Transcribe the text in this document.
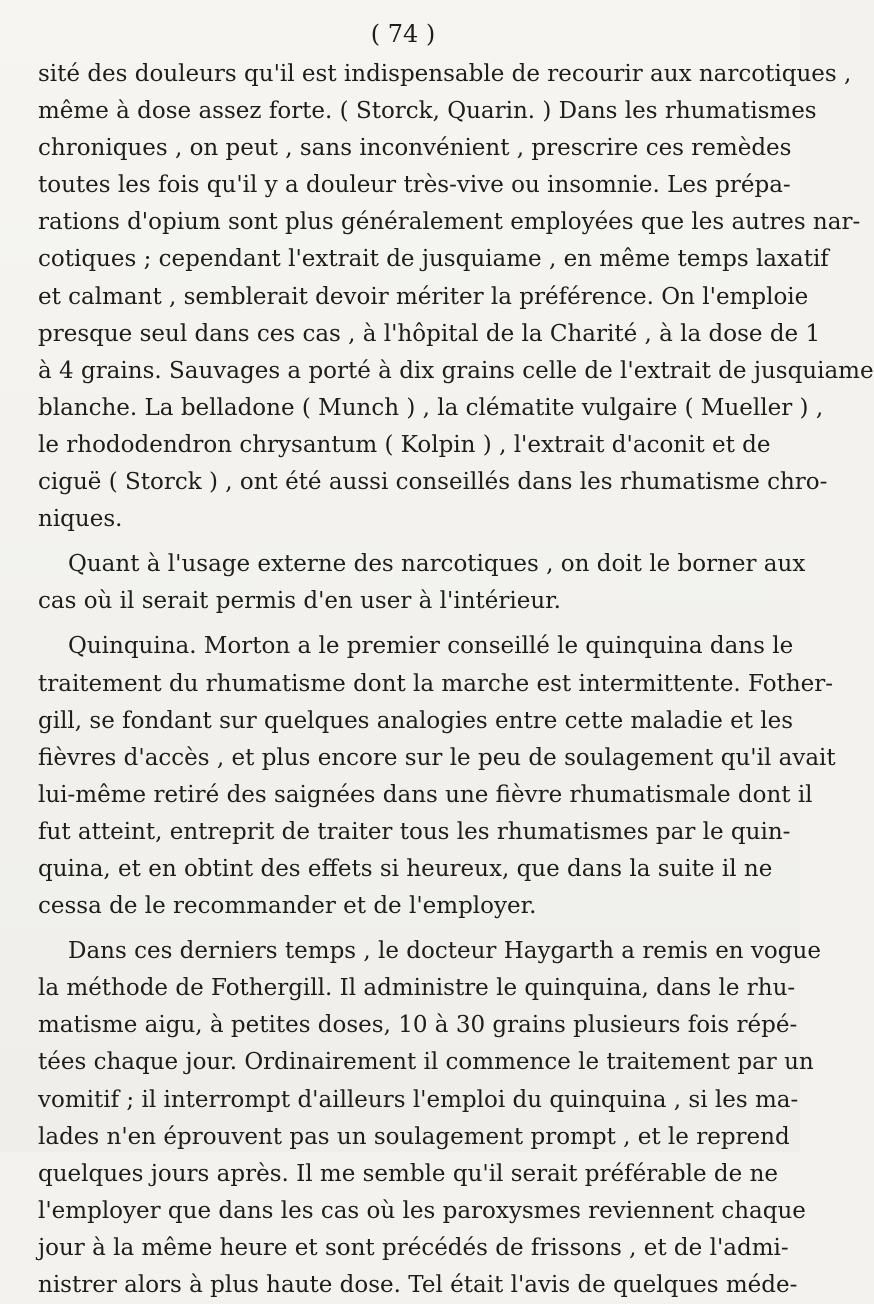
( 74 )
sité des douleurs qu'il est indispensable de recourir aux narcotiques ,
même à dose assez forte. ( Storck, Quarin. ) Dans les rhumatismes
chroniques , on peut , sans inconvénient , prescrire ces remèdes
toutes les fois qu'il y a douleur très-vive ou insomnie. Les prépa-
rations d'opium sont plus généralement employées que les autres nar-
cotiques ; cependant l'extrait de jusquiame , en même temps laxatif
et calmant , semblerait devoir mériter la préférence. On l'emploie
presque seul dans ces cas , à l'hôpital de la Charité , à la dose de 1
à 4 grains. Sauvages a porté à dix grains celle de l'extrait de jusquiame
blanche. La belladone ( Munch ) , la clématite vulgaire ( Mueller ) ,
le rhododendron chrysantum ( Kolpin ) , l'extrait d'aconit et de
ciguë ( Storck ) , ont été aussi conseillés dans les rhumatisme chro-
niques.
Quant à l'usage externe des narcotiques , on doit le borner aux
cas où il serait permis d'en user à l'intérieur.
Quinquina. Morton a le premier conseillé le quinquina dans le
traitement du rhumatisme dont la marche est intermittente. Fother-
gill, se fondant sur quelques analogies entre cette maladie et les
fièvres d'accès , et plus encore sur le peu de soulagement qu'il avait
lui-même retiré des saignées dans une fièvre rhumatismale dont il
fut atteint, entreprit de traiter tous les rhumatismes par le quin-
quina, et en obtint des effets si heureux, que dans la suite il ne
cessa de le recommander et de l'employer.
Dans ces derniers temps , le docteur Haygarth a remis en vogue
la méthode de Fothergill. Il administre le quinquina, dans le rhu-
matisme aigu, à petites doses, 10 à 30 grains plusieurs fois répé-
tées chaque jour. Ordinairement il commence le traitement par un
vomitif ; il interrompt d'ailleurs l'emploi du quinquina , si les ma-
lades n'en éprouvent pas un soulagement prompt , et le reprend
quelques jours après. Il me semble qu'il serait préférable de ne
l'employer que dans les cas où les paroxysmes reviennent chaque
jour à la même heure et sont précédés de frissons , et de l'admi-
nistrer alors à plus haute dose. Tel était l'avis de quelques méde-
